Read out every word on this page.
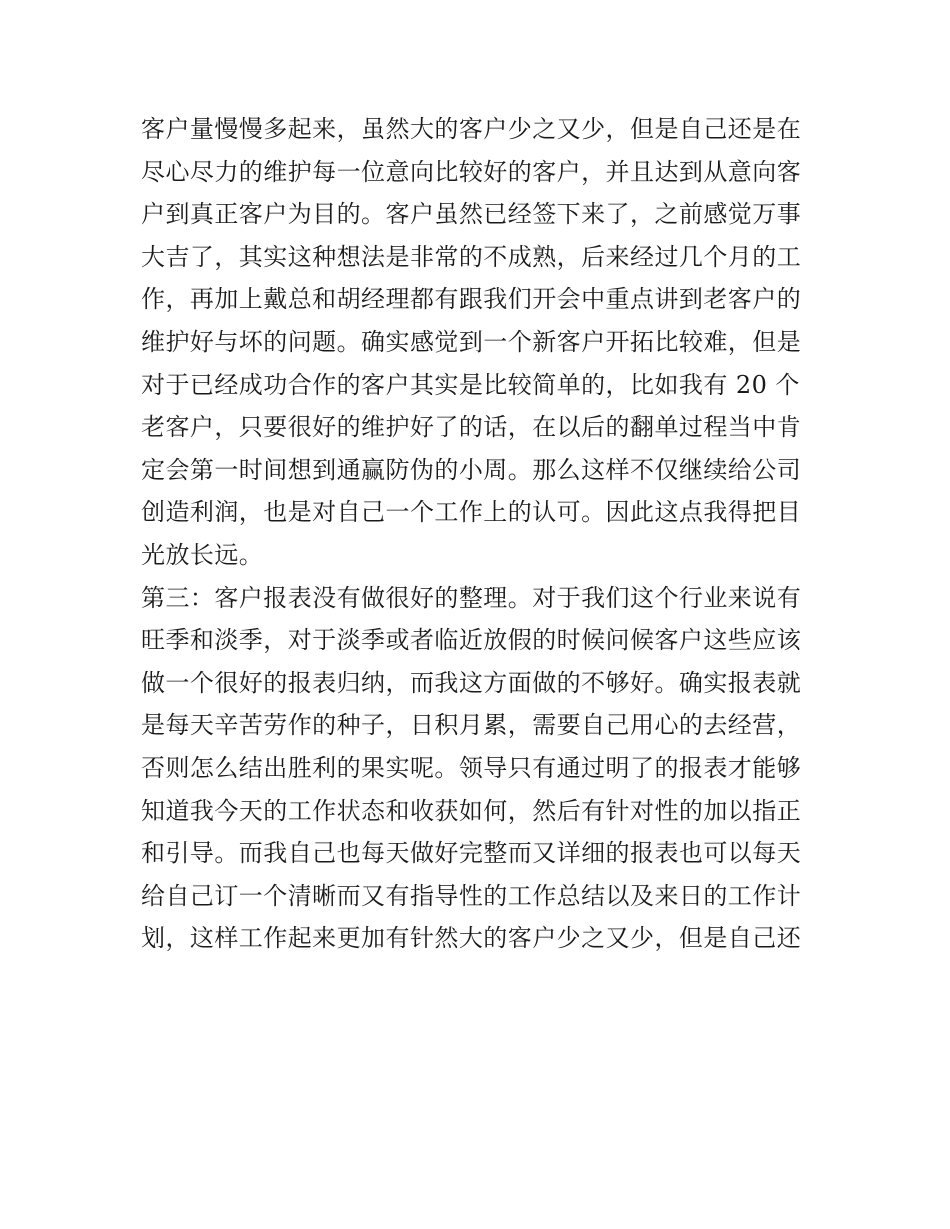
客户量慢慢多起来，虽然大的客户少之又少，但是自己还是在
尽心尽力的维护每一位意向比较好的客户，并且达到从意向客
户到真正客户为目的。客户虽然已经签下来了，之前感觉万事
大吉了，其实这种想法是非常的不成熟，后来经过几个月的工
作，再加上戴总和胡经理都有跟我们开会中重点讲到老客户的
维护好与坏的问题。确实感觉到一个新客户开拓比较难，但是
对于已经成功合作的客户其实是比较简单的，比如我有 20 个
老客户，只要很好的维护好了的话，在以后的翻单过程当中肯
定会第一时间想到通赢防伪的小周。那么这样不仅继续给公司
创造利润，也是对自己一个工作上的认可。因此这点我得把目
光放长远。
第三：客户报表没有做很好的整理。对于我们这个行业来说有
旺季和淡季，对于淡季或者临近放假的时候问候客户这些应该
做一个很好的报表归纳，而我这方面做的不够好。确实报表就
是每天辛苦劳作的种子，日积月累，需要自己用心的去经营，
否则怎么结出胜利的果实呢。领导只有通过明了的报表才能够
知道我今天的工作状态和收获如何，然后有针对性的加以指正
和引导。而我自己也每天做好完整而又详细的报表也可以每天
给自己订一个清晰而又有指导性的工作总结以及来日的工作计
划，这样工作起来更加有针然大的客户少之又少，但是自己还
